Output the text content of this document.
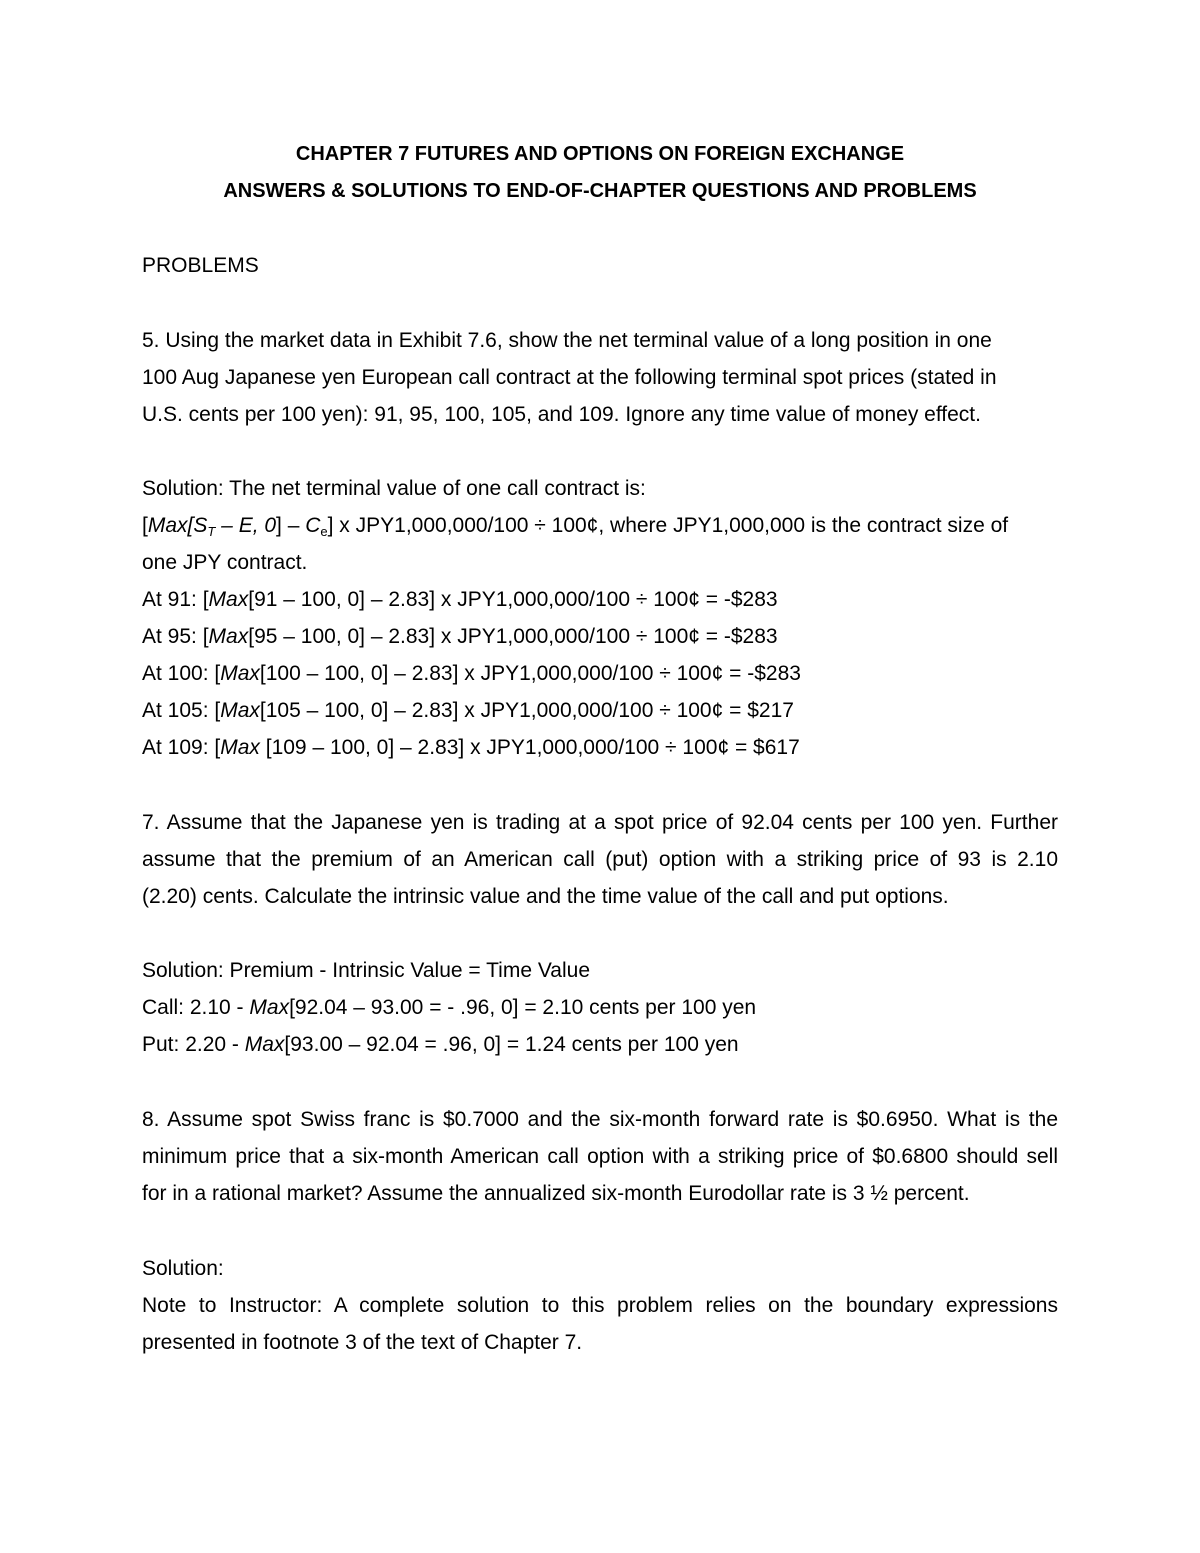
CHAPTER 7 FUTURES AND OPTIONS ON FOREIGN EXCHANGE
ANSWERS & SOLUTIONS TO END-OF-CHAPTER QUESTIONS AND PROBLEMS
PROBLEMS
5. Using the market data in Exhibit 7.6, show the net terminal value of a long position in one
100 Aug Japanese yen European call contract at the following terminal spot prices (stated in
U.S. cents per 100 yen): 91, 95, 100, 105, and 109. Ignore any time value of money effect.
Solution: The net terminal value of one call contract is:
[$Max[S_T$ – E, $0] - C_e$] x JPY1,000,000/100 ÷ 100¢, where JPY1,000,000 is the contract size of
one JPY contract.
At 91: [Max[91 – 100, 0] – 2.83] x JPY1,000,000/100 ÷ 100¢ = -$283
At 95: [Max[95 – 100, 0] – 2.83] x JPY1,000,000/100 ÷ 100¢ = -$283
At 100: [Max[100 – 100, 0] – 2.83] x JPY1,000,000/100 ÷ 100¢ = -$283
At 105: [Max[105 – 100, 0] – 2.83] x JPY1,000,000/100 ÷ 100¢ = $217
At 109: [Max [109 – 100, 0] – 2.83] x JPY1,000,000/100 ÷ 100¢ = $617
7. Assume that the Japanese yen is trading at a spot price of 92.04 cents per 100 yen. Further
assume that the premium of an American call (put) option with a striking price of 93 is 2.10
(2.20) cents. Calculate the intrinsic value and the time value of the call and put options.
Solution: Premium - Intrinsic Value = Time Value
Call: 2.10 - Max[92.04 – 93.00 = - .96, 0] = 2.10 cents per 100 yen
Put: 2.20 - Max[93.00 – 92.04 = .96, 0] = 1.24 cents per 100 yen
8. Assume spot Swiss franc is $0.7000 and the six-month forward rate is $0.6950. What is the
minimum price that a six-month American call option with a striking price of $0.6800 should sell
for in a rational market? Assume the annualized six-month Eurodollar rate is 3 ½ percent.
Solution:
Note to Instructor: A complete solution to this problem relies on the boundary expressions
presented in footnote 3 of the text of Chapter 7.
